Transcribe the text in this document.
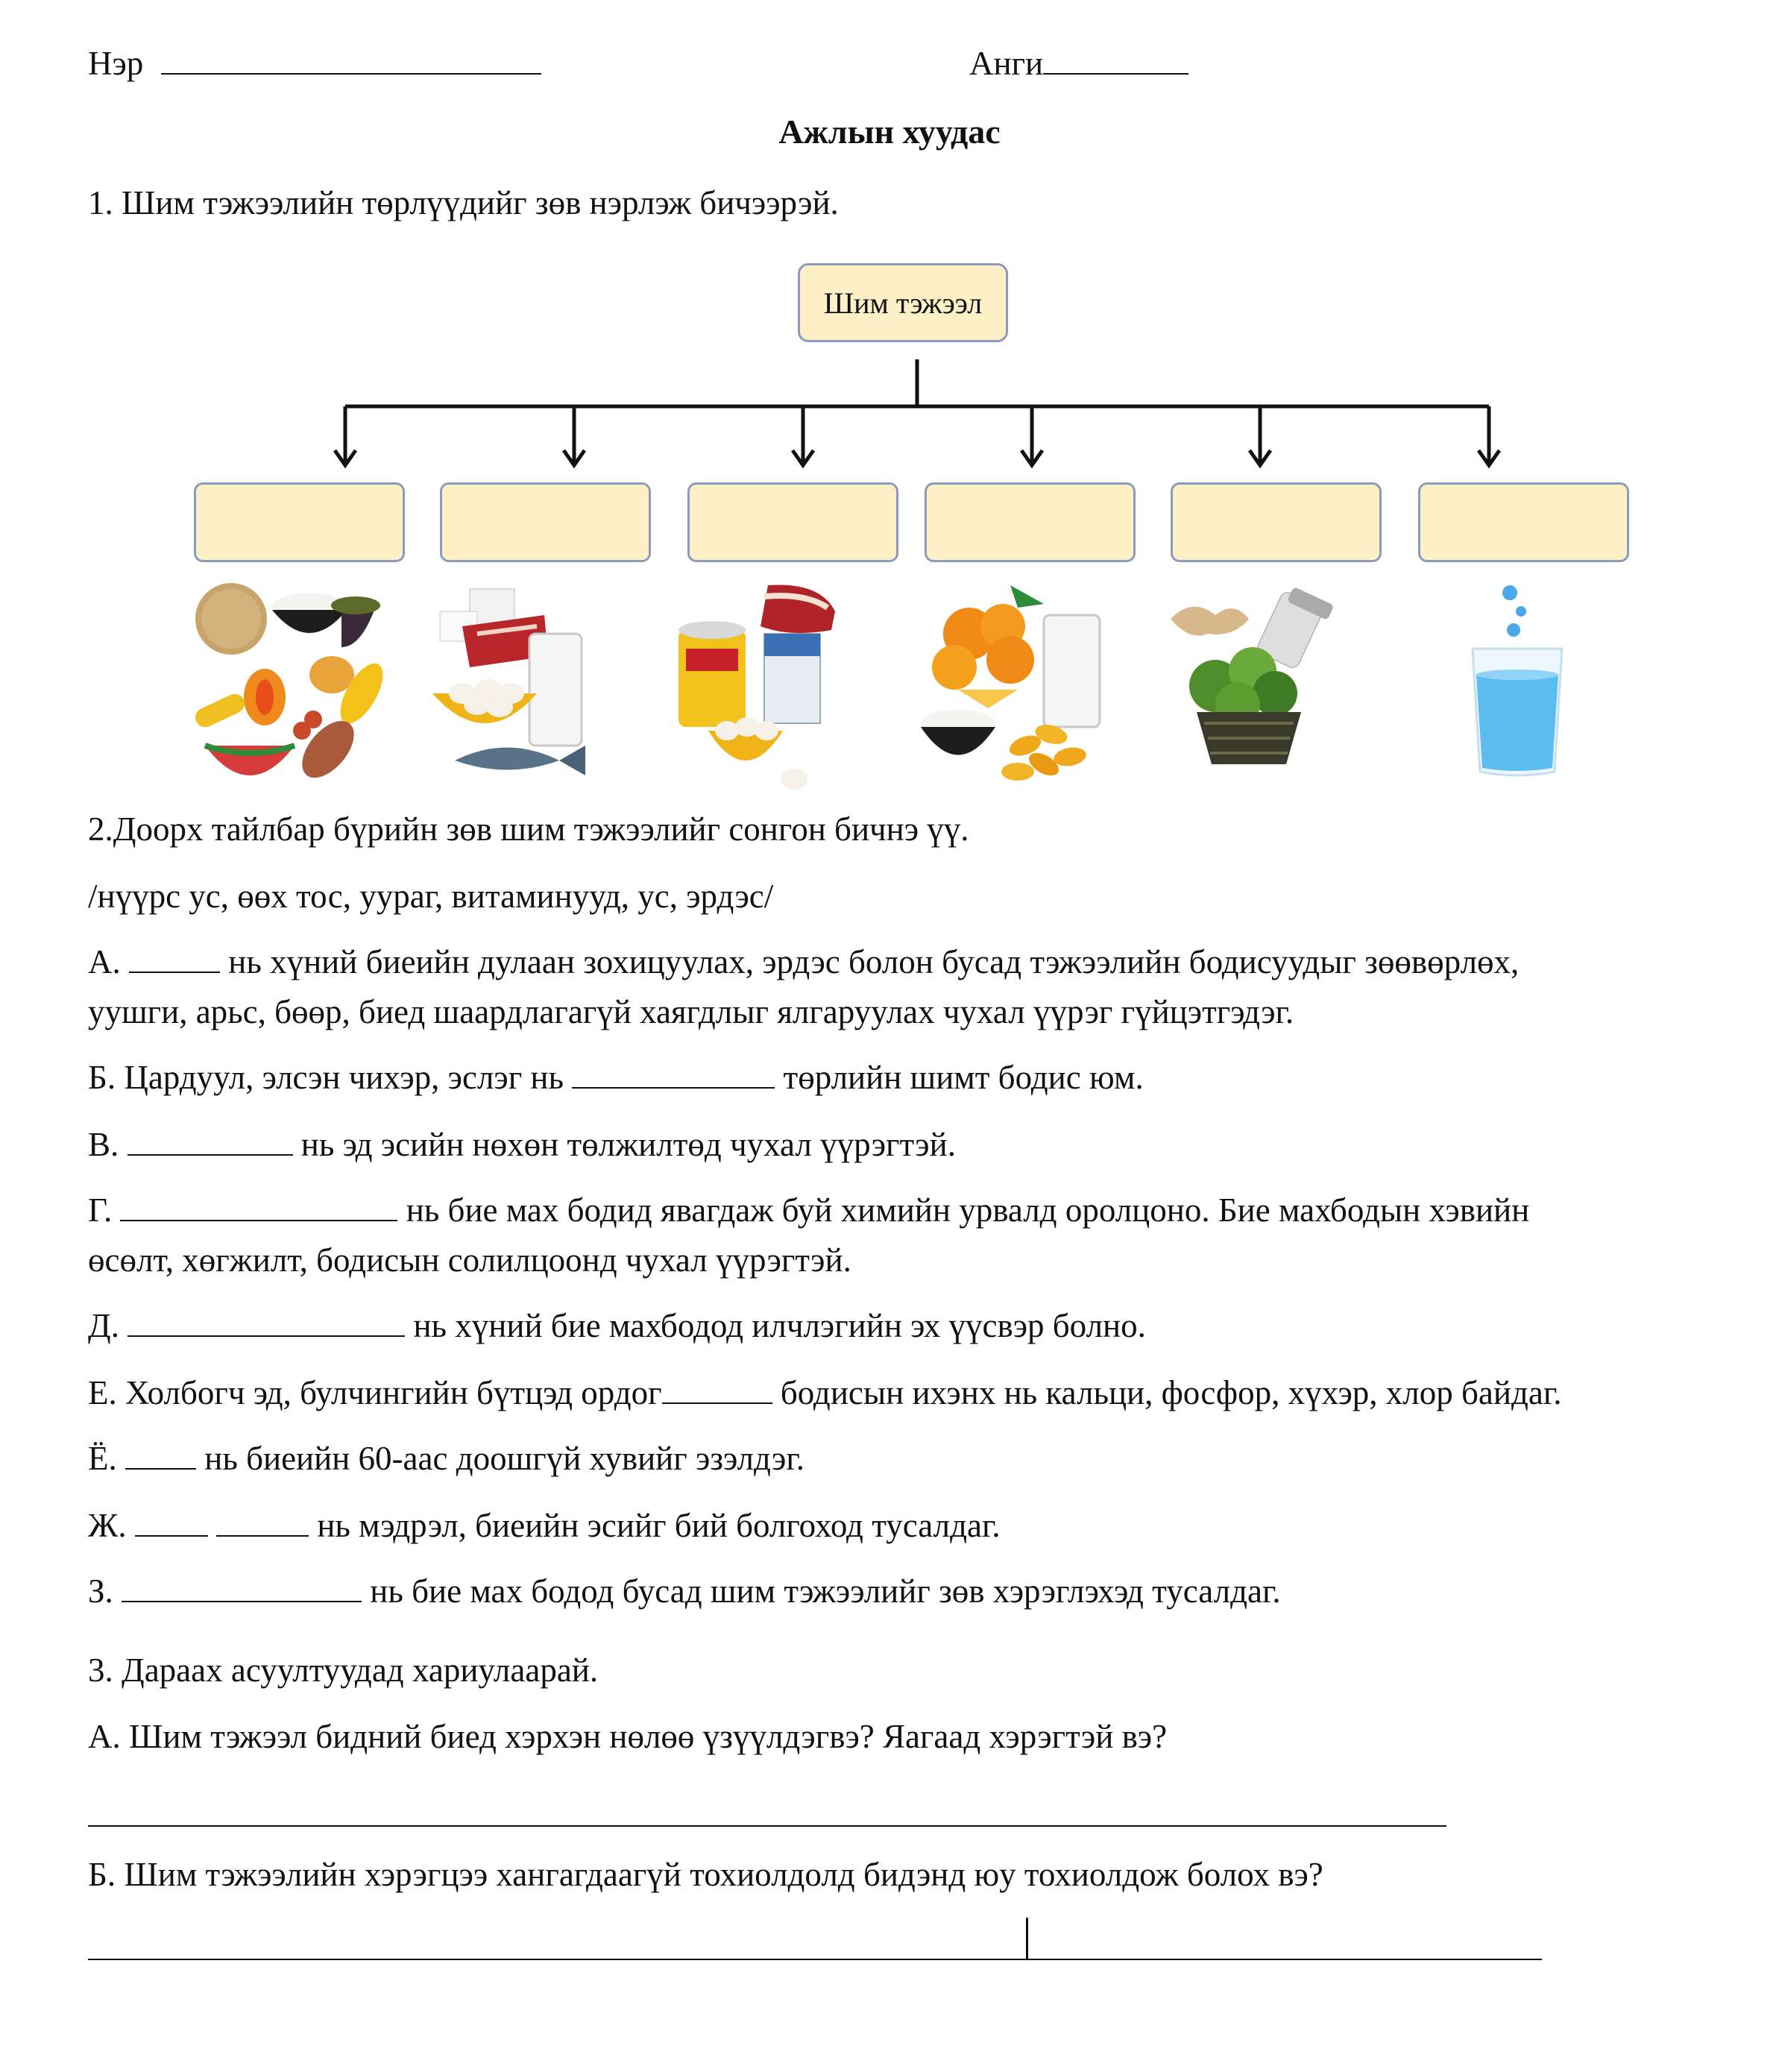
Нэр	Анги
Ажлын хуудас
1. Шим тэжээлийн төрлүүдийг зөв нэрлэж бичээрэй.
Шим тэжээл
2.Доорх тайлбар бүрийн зөв шим тэжээлийг сонгон бичнэ үү.
/нүүрс ус, өөх тос, уураг, витаминууд, ус, эрдэс/
А.	нь хүний биеийн дулаан зохицуулах, эрдэс болон бусад тэжээлийн бодисуудыг зөөвөрлөх,
уушги, арьс, бөөр, биед шаардлагагүй хаягдлыг ялгаруулах чухал үүрэг гүйцэтгэдэг.
Б. Цардуул, элсэн чихэр, эслэг нь	төрлийн шимт бодис юм.
В.	нь эд эсийн нөхөн төлжилтөд чухал үүрэгтэй.
Г.	нь бие мах бодид явагдаж буй химийн урвалд оролцоно. Бие махбодын хэвийн
өсөлт, хөгжилт, бодисын солилцоонд чухал үүрэгтэй.
Д.	нь хүний бие махбодод илчлэгийн эх үүсвэр болно.
Е. Холбогч эд, булчингийн бүтцэд ордог	бодисын ихэнх нь кальци, фосфор, хүхэр, хлор байдаг.
Ё.	нь биеийн 60-аас доошгүй хувийг эзэлдэг.
Ж.	нь мэдрэл, биеийн эсийг бий болгоход тусалдаг.
З.	нь бие мах бодод бусад шим тэжээлийг зөв хэрэглэхэд тусалдаг.
3. Дараах асуултуудад хариулаарай.
А. Шим тэжээл бидний биед хэрхэн нөлөө үзүүлдэгвэ? Яагаад хэрэгтэй вэ?
Б. Шим тэжээлийн хэрэгцээ хангагдаагүй тохиолдолд бидэнд юу тохиолдож болох вэ?
